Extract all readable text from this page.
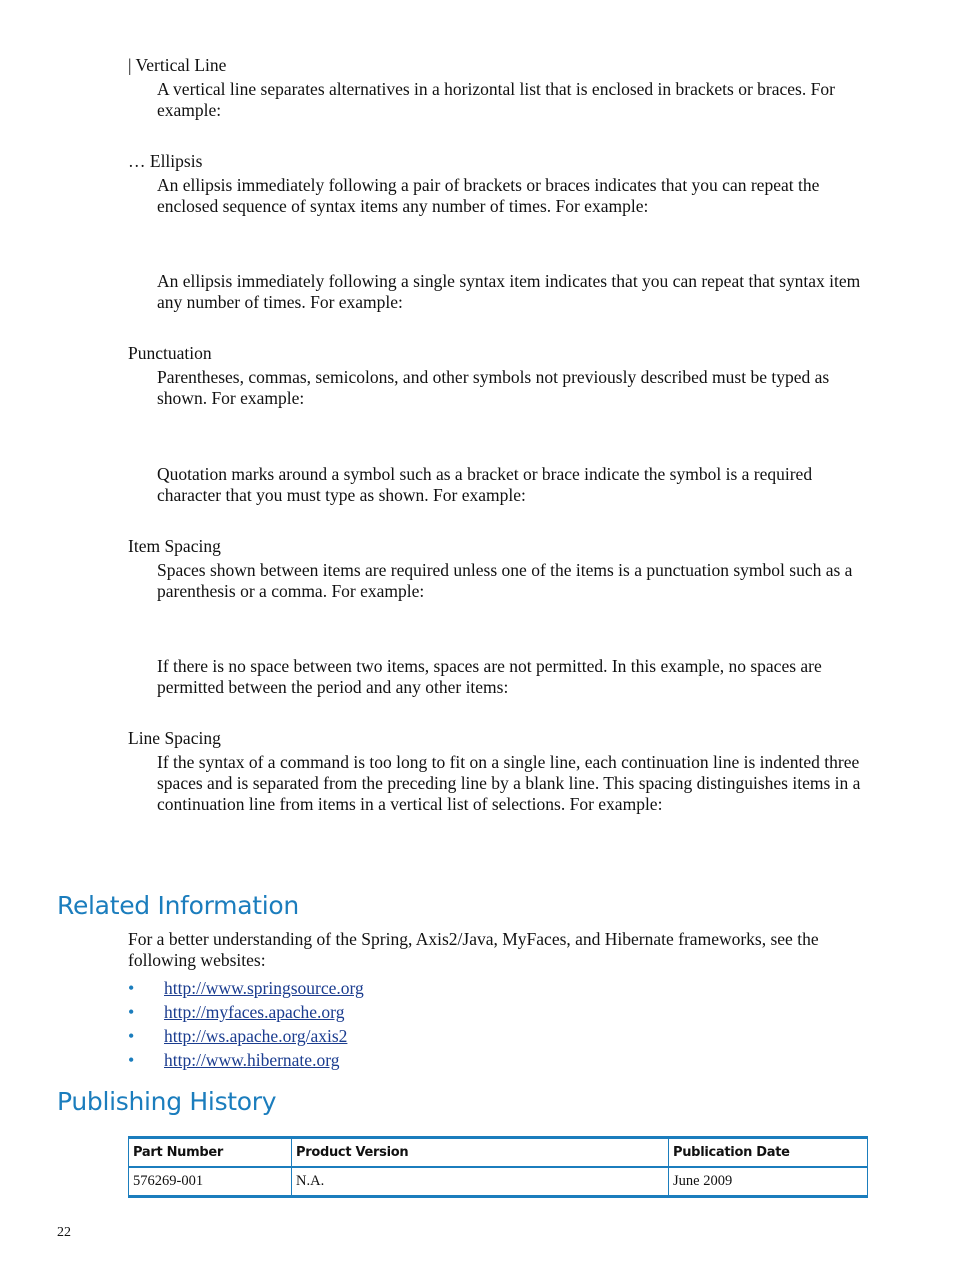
| Vertical Line
A vertical line separates alternatives in a horizontal list that is enclosed in brackets or braces. For example:
… Ellipsis
An ellipsis immediately following a pair of brackets or braces indicates that you can repeat the enclosed sequence of syntax items any number of times. For example:
An ellipsis immediately following a single syntax item indicates that you can repeat that syntax item any number of times. For example:
Punctuation
Parentheses, commas, semicolons, and other symbols not previously described must be typed as shown. For example:
Quotation marks around a symbol such as a bracket or brace indicate the symbol is a required character that you must type as shown. For example:
Item Spacing
Spaces shown between items are required unless one of the items is a punctuation symbol such as a parenthesis or a comma. For example:
If there is no space between two items, spaces are not permitted. In this example, no spaces are permitted between the period and any other items:
Line Spacing
If the syntax of a command is too long to fit on a single line, each continuation line is indented three spaces and is separated from the preceding line by a blank line. This spacing distinguishes items in a continuation line from items in a vertical list of selections. For example:
Related Information
For a better understanding of the Spring, Axis2/Java, MyFaces, and Hibernate frameworks, see the following websites:
• http://www.springsource.org
• http://myfaces.apache.org
• http://ws.apache.org/axis2
• http://www.hibernate.org
Publishing History
Part Number	Product Version	Publication Date
576269-001	N.A.	June 2009
22
